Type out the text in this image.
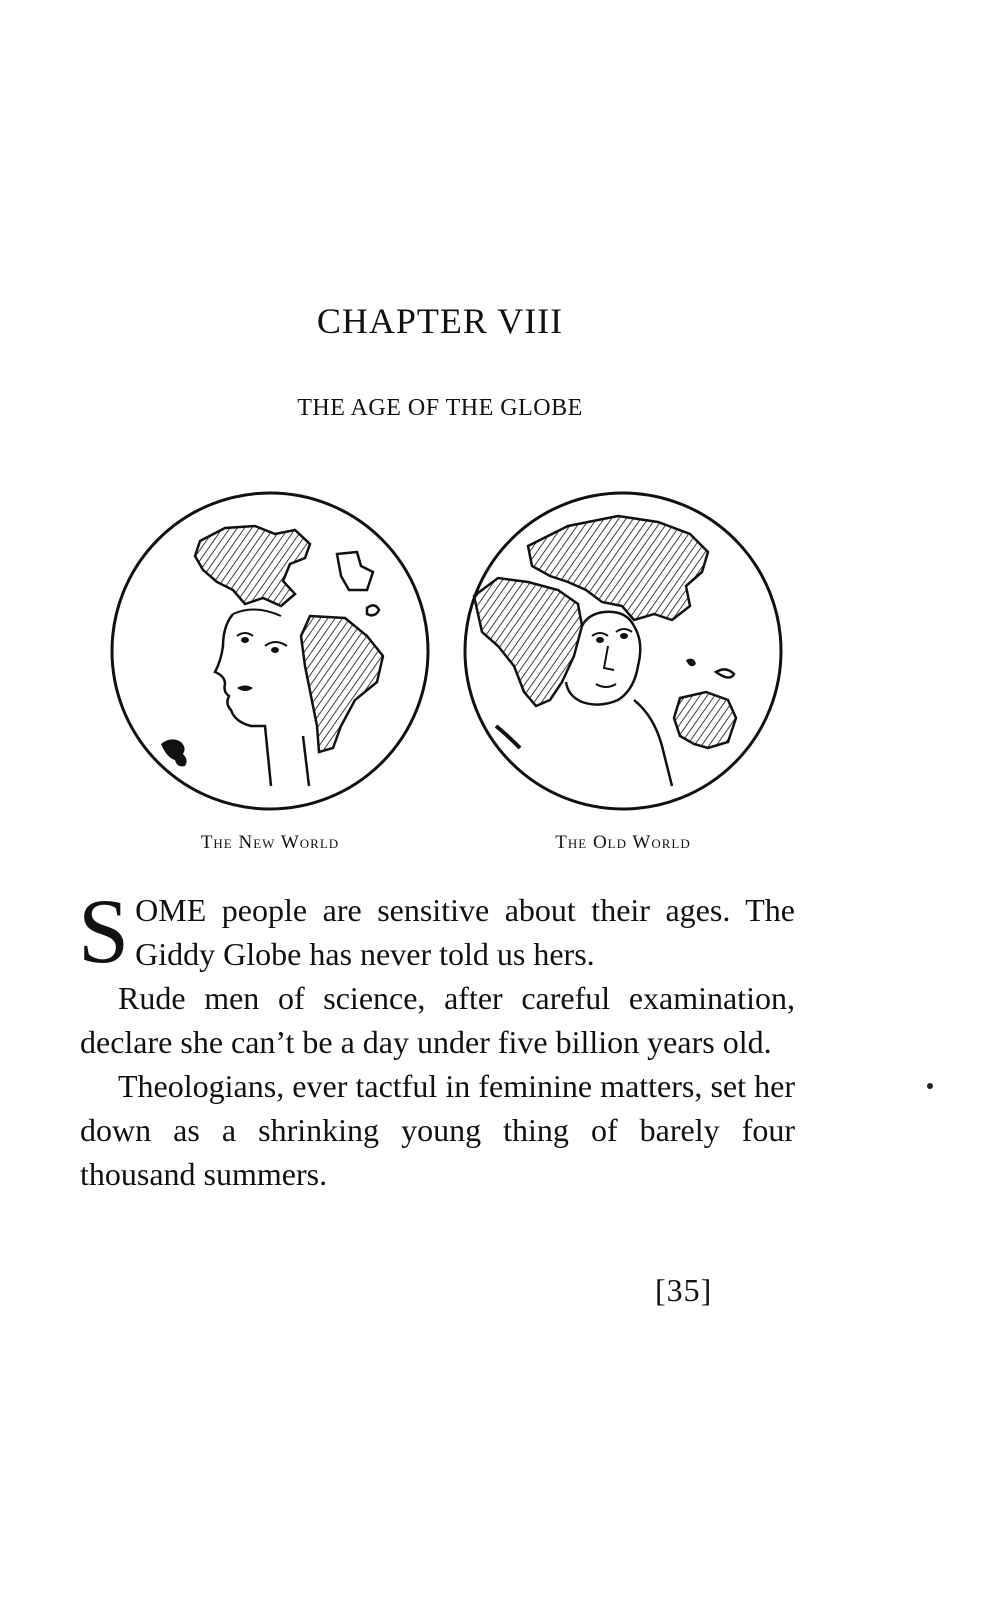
CHAPTER VIII
THE AGE OF THE GLOBE
The New World	The Old World

SOME people are sensitive about their ages. The Giddy Globe has never told us hers.

Rude men of science, after careful examination, declare she can’t be a day under five billion years old.

Theologians, ever tactful in feminine matters, set her down as a shrinking young thing of barely four thousand summers.

[35]
